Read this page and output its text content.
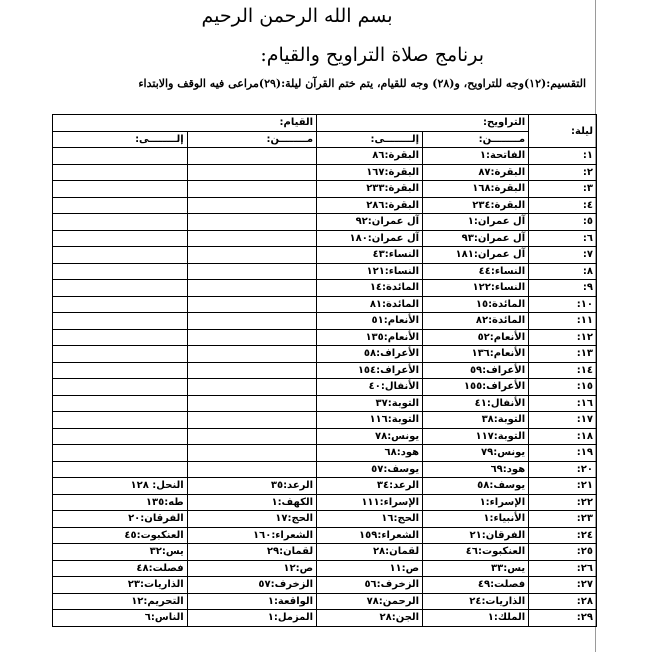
بسم الله الرحمن الرحيم
برنامج صلاة التراويح والقيام:
التقسيم:(١٢)وجه للتراويح، و(٢٨) وجه للقيام، يتم ختم القرآن ليلة:(٢٩)مراعى فيه الوقف والابتداء
ليلة:	التراويح:		القيام:	
	مــــــــن:	إلــــــــى:	مــــــــن:	إلــــــــى:
١:	الفاتحة:١	البقرة:٨٦		
٢:	البقرة:٨٧	البقرة:١٦٧		
٣:	البقرة:١٦٨	البقرة:٢٣٣		
٤:	البقرة:٢٣٤	البقرة:٢٨٦		
٥:	آل عمران:١	آل عمران:٩٢		
٦:	آل عمران:٩٣	آل عمران:١٨٠		
٧:	آل عمران:١٨١	النساء:٤٣		
٨:	النساء:٤٤	النساء:١٢١		
٩:	النساء:١٢٢	المائدة:١٤		
١٠:	المائدة:١٥	المائدة:٨١		
١١:	المائدة:٨٢	الأنعام:٥١		
١٢:	الأنعام:٥٢	الأنعام:١٣٥		
١٣:	الأنعام:١٣٦	الأعراف:٥٨		
١٤:	الأعراف:٥٩	الأعراف:١٥٤		
١٥:	الأعراف:١٥٥	الأنفال:٤٠		
١٦:	الأنفال:٤١	التوبة:٣٧		
١٧:	التوبة:٣٨	التوبة:١١٦		
١٨:	التوبة:١١٧	يونس:٧٨		
١٩:	يونس:٧٩	هود:٦٨		
٢٠:	هود:٦٩	يوسف:٥٧		
٢١:	يوسف:٥٨	الرعد:٣٤	الرعد:٣٥	النحل: ١٢٨
٢٢:	الإسراء:١	الإسراء:١١١	الكهف:١	طه:١٣٥
٢٣:	الأنبياء:١	الحج:١٦	الحج:١٧	الفرقان:٢٠
٢٤:	الفرقان:٢١	الشعراء:١٥٩	الشعراء:١٦٠	العنكبوت:٤٥
٢٥:	العنكبوت:٤٦	لقمان:٢٨	لقمان:٢٩	يس:٣٢
٢٦:	يس:٣٣	ص:١١	ص:١٢	فصلت:٤٨
٢٧:	فصلت:٤٩	الزخرف:٥٦	الزخرف:٥٧	الذاريات:٢٣
٢٨:	الذاريات:٢٤	الرحمن:٧٨	الواقعة:١	التحريم:١٢
٢٩:	الملك:١	الجن:٢٨	المزمل:١	الناس:٦
